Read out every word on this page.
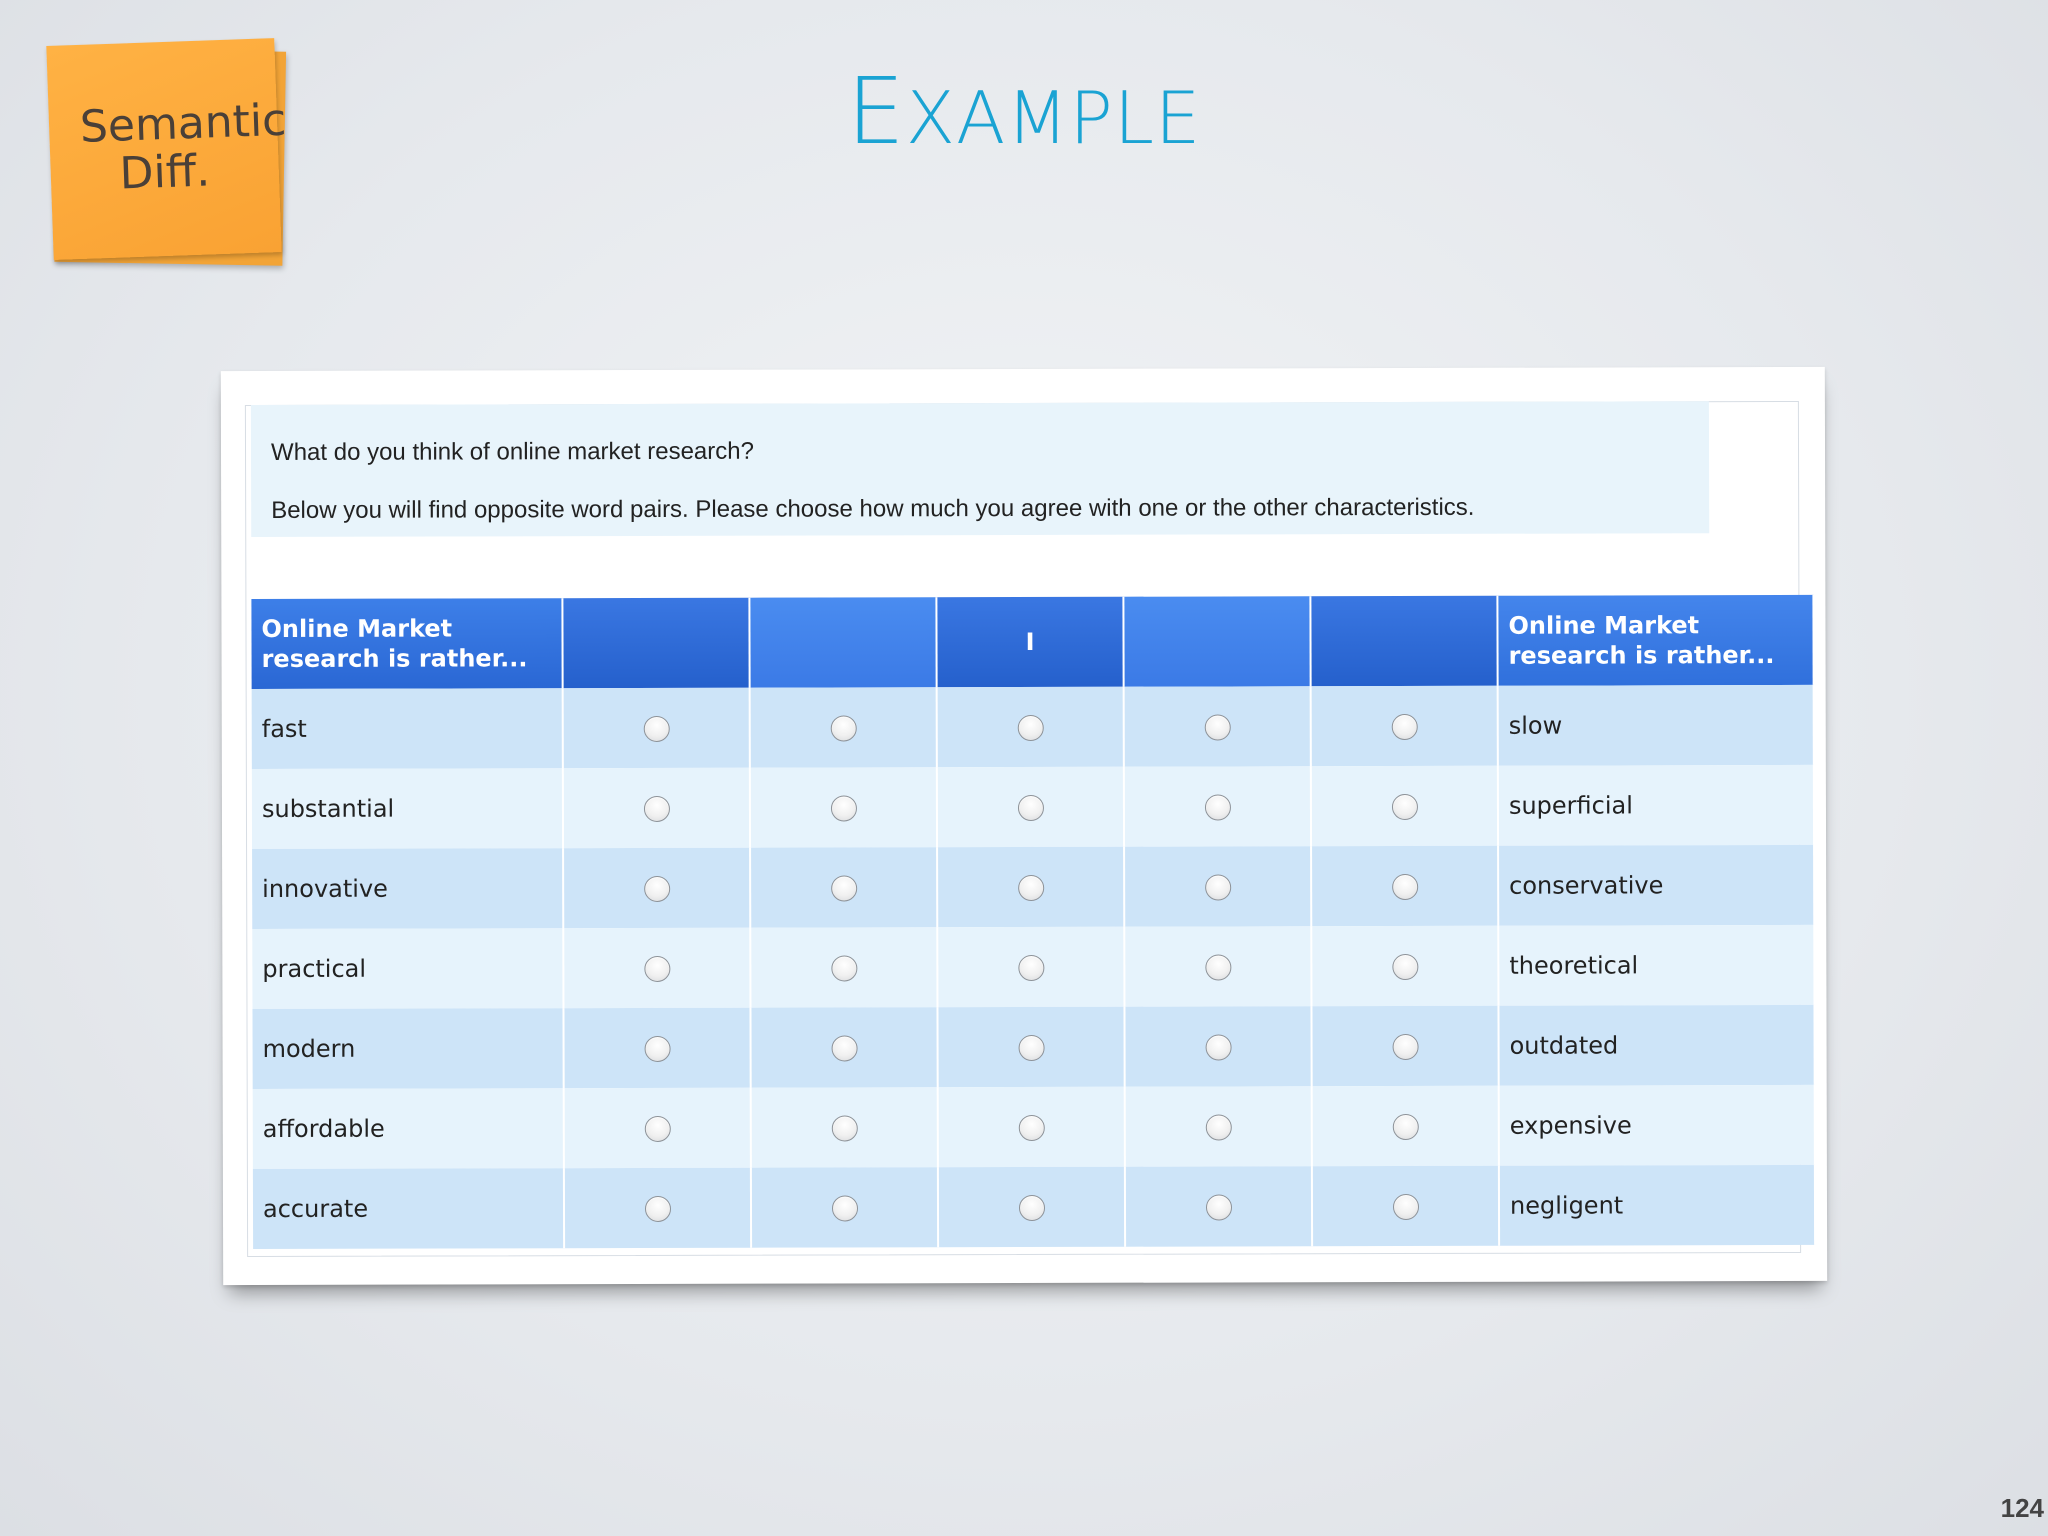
Semantic
Diff.
EXAMPLE
What do you think of online market research?
Below you will find opposite word pairs. Please choose how much you agree with one or the other characteristics.
Online Market research is rather...			I			Online Market research is rather...
fast						slow
substantial						superficial
innovative						conservative
practical						theoretical
modern						outdated
affordable						expensive
accurate						negligent
124
